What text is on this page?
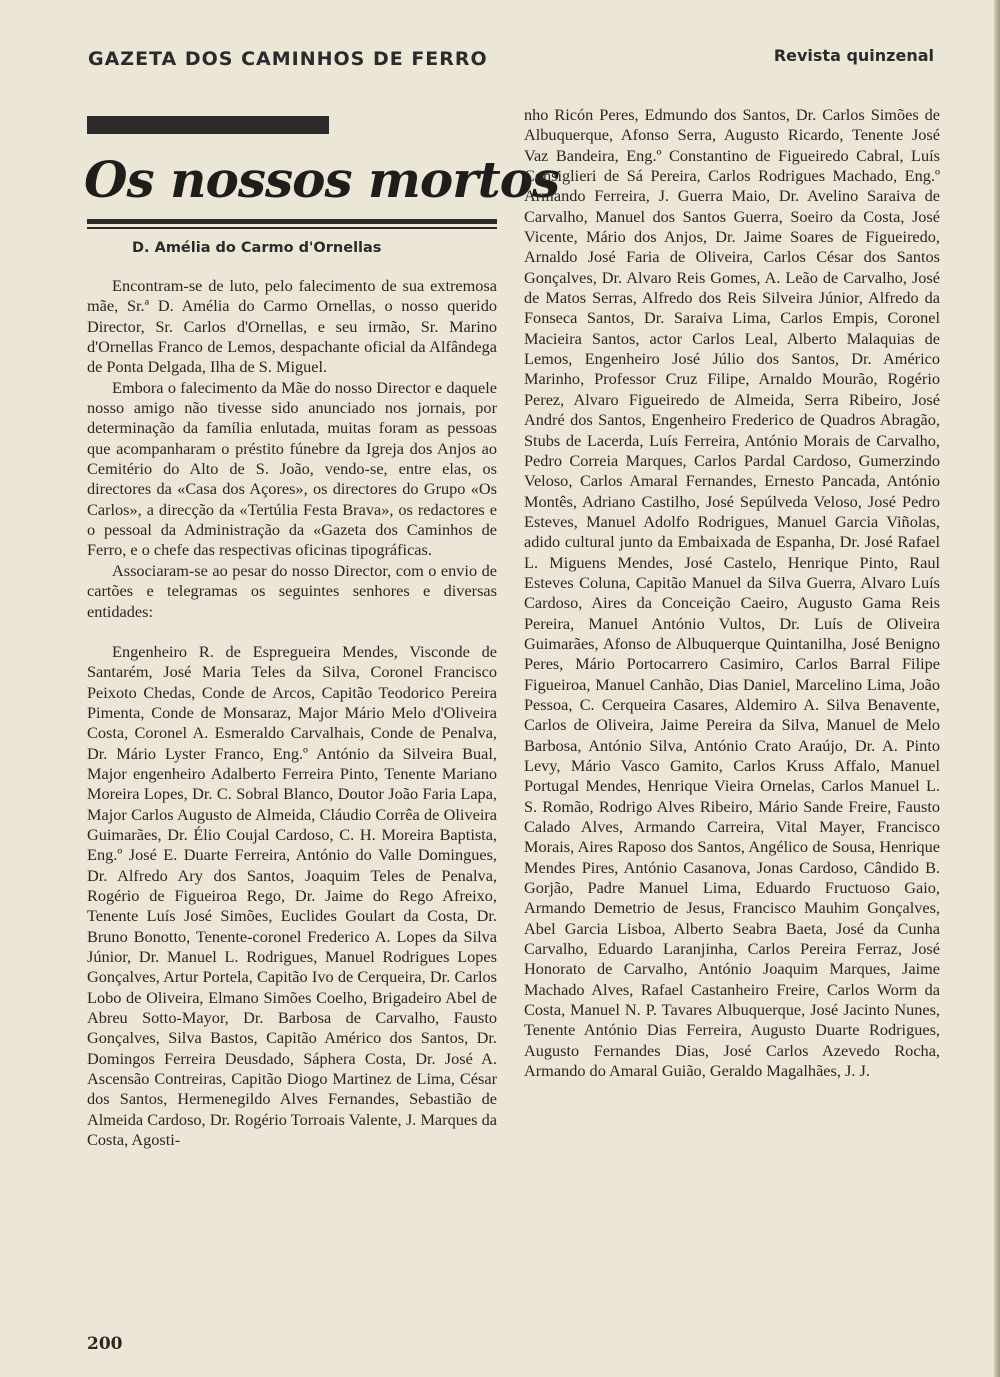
GAZETA DOS CAMINHOS DE FERRO	Revista quinzenal
Os nossos mortos
D. Amélia do Carmo d'Ornellas

Encontram-se de luto, pelo falecimento de sua extremosa mãe, Sr.ª D. Amélia do Carmo Ornellas, o nosso querido Director, Sr. Carlos d'Ornellas, e seu irmão, Sr. Marino d'Ornellas Franco de Lemos, despachante oficial da Alfândega de Ponta Delgada, Ilha de S. Miguel.

Embora o falecimento da Mãe do nosso Director e daquele nosso amigo não tivesse sido anunciado nos jornais, por determinação da família enlutada, muitas foram as pessoas que acompanharam o préstito fúnebre da Igreja dos Anjos ao Cemitério do Alto de S. João, vendo-se, entre elas, os directores da «Casa dos Açores», os directores do Grupo «Os Carlos», a direcção da «Tertúlia Festa Brava», os redactores e o pessoal da Administração da «Gazeta dos Caminhos de Ferro, e o chefe das respectivas oficinas tipográficas.

Associaram-se ao pesar do nosso Director, com o envio de cartões e telegramas os seguintes senhores e diversas entidades:

Engenheiro R. de Espregueira Mendes, Visconde de Santarém, José Maria Teles da Silva, Coronel Francisco Peixoto Chedas, Conde de Arcos, Capitão Teodorico Pereira Pimenta, Conde de Monsaraz, Major Mário Melo d'Oliveira Costa, Coronel A. Esmeraldo Carvalhais, Conde de Penalva, Dr. Mário Lyster Franco, Eng.º António da Silveira Bual, Major engenheiro Adalberto Ferreira Pinto, Tenente Mariano Moreira Lopes, Dr. C. Sobral Blanco, Doutor João Faria Lapa, Major Carlos Augusto de Almeida, Cláudio Corrêa de Oliveira Guimarães, Dr. Élio Coujal Cardoso, C. H. Moreira Baptista, Eng.º José E. Duarte Ferreira, António do Valle Domingues, Dr. Alfredo Ary dos Santos, Joaquim Teles de Penalva, Rogério de Figueiroa Rego, Dr. Jaime do Rego Afreixo, Tenente Luís José Simões, Euclides Goulart da Costa, Dr. Bruno Bonotto, Tenente-coronel Frederico A. Lopes da Silva Júnior, Dr. Manuel L. Rodrigues, Manuel Rodrigues Lopes Gonçalves, Artur Portela, Capitão Ivo de Cerqueira, Dr. Carlos Lobo de Oliveira, Elmano Simões Coelho, Brigadeiro Abel de Abreu Sotto-Mayor, Dr. Barbosa de Carvalho, Fausto Gonçalves, Silva Bastos, Capitão Américo dos Santos, Dr. Domingos Ferreira Deusdado, Sáphera Costa, Dr. José A. Ascensão Contreiras, Capitão Diogo Martinez de Lima, César dos Santos, Hermenegildo Alves Fernandes, Sebastião de Almeida Cardoso, Dr. Rogério Torroais Valente, J. Marques da Costa, Agosti-

nho Ricón Peres, Edmundo dos Santos, Dr. Carlos Simões de Albuquerque, Afonso Serra, Augusto Ricardo, Tenente José Vaz Bandeira, Eng.º Constantino de Figueiredo Cabral, Luís Consiglieri de Sá Pereira, Carlos Rodrigues Machado, Eng.º Armando Ferreira, J. Guerra Maio, Dr. Avelino Saraiva de Carvalho, Manuel dos Santos Guerra, Soeiro da Costa, José Vicente, Mário dos Anjos, Dr. Jaime Soares de Figueiredo, Arnaldo José Faria de Oliveira, Carlos César dos Santos Gonçalves, Dr. Alvaro Reis Gomes, A. Leão de Carvalho, José de Matos Serras, Alfredo dos Reis Silveira Júnior, Alfredo da Fonseca Santos, Dr. Saraiva Lima, Carlos Empis, Coronel Macieira Santos, actor Carlos Leal, Alberto Malaquias de Lemos, Engenheiro José Júlio dos Santos, Dr. Américo Marinho, Professor Cruz Filipe, Arnaldo Mourão, Rogério Perez, Alvaro Figueiredo de Almeida, Serra Ribeiro, José André dos Santos, Engenheiro Frederico de Quadros Abragão, Stubs de Lacerda, Luís Ferreira, António Morais de Carvalho, Pedro Correia Marques, Carlos Pardal Cardoso, Gumerzindo Veloso, Carlos Amaral Fernandes, Ernesto Pancada, António Montês, Adriano Castilho, José Sepúlveda Veloso, José Pedro Esteves, Manuel Adolfo Rodrigues, Manuel Garcia Viñolas, adido cultural junto da Embaixada de Espanha, Dr. José Rafael L. Miguens Mendes, José Castelo, Henrique Pinto, Raul Esteves Coluna, Capitão Manuel da Silva Guerra, Alvaro Luís Cardoso, Aires da Conceição Caeiro, Augusto Gama Reis Pereira, Manuel António Vultos, Dr. Luís de Oliveira Guimarães, Afonso de Albuquerque Quintanilha, José Benigno Peres, Mário Portocarrero Casimiro, Carlos Barral Filipe Figueiroa, Manuel Canhão, Dias Daniel, Marcelino Lima, João Pessoa, C. Cerqueira Casares, Aldemiro A. Silva Benavente, Carlos de Oliveira, Jaime Pereira da Silva, Manuel de Melo Barbosa, António Silva, António Crato Araújo, Dr. A. Pinto Levy, Mário Vasco Gamito, Carlos Kruss Affalo, Manuel Portugal Mendes, Henrique Vieira Ornelas, Carlos Manuel L. S. Romão, Rodrigo Alves Ribeiro, Mário Sande Freire, Fausto Calado Alves, Armando Carreira, Vital Mayer, Francisco Morais, Aires Raposo dos Santos, Angélico de Sousa, Henrique Mendes Pires, António Casanova, Jonas Cardoso, Cândido B. Gorjão, Padre Manuel Lima, Eduardo Fructuoso Gaio, Armando Demetrio de Jesus, Francisco Mauhim Gonçalves, Abel Garcia Lisboa, Alberto Seabra Baeta, José da Cunha Carvalho, Eduardo Laranjinha, Carlos Pereira Ferraz, José Honorato de Carvalho, António Joaquim Marques, Jaime Machado Alves, Rafael Castanheiro Freire, Carlos Worm da Costa, Manuel N. P. Tavares Albuquerque, José Jacinto Nunes, Tenente António Dias Ferreira, Augusto Duarte Rodrigues, Augusto Fernandes Dias, José Carlos Azevedo Rocha, Armando do Amaral Guião, Geraldo Magalhães, J. J.

200
